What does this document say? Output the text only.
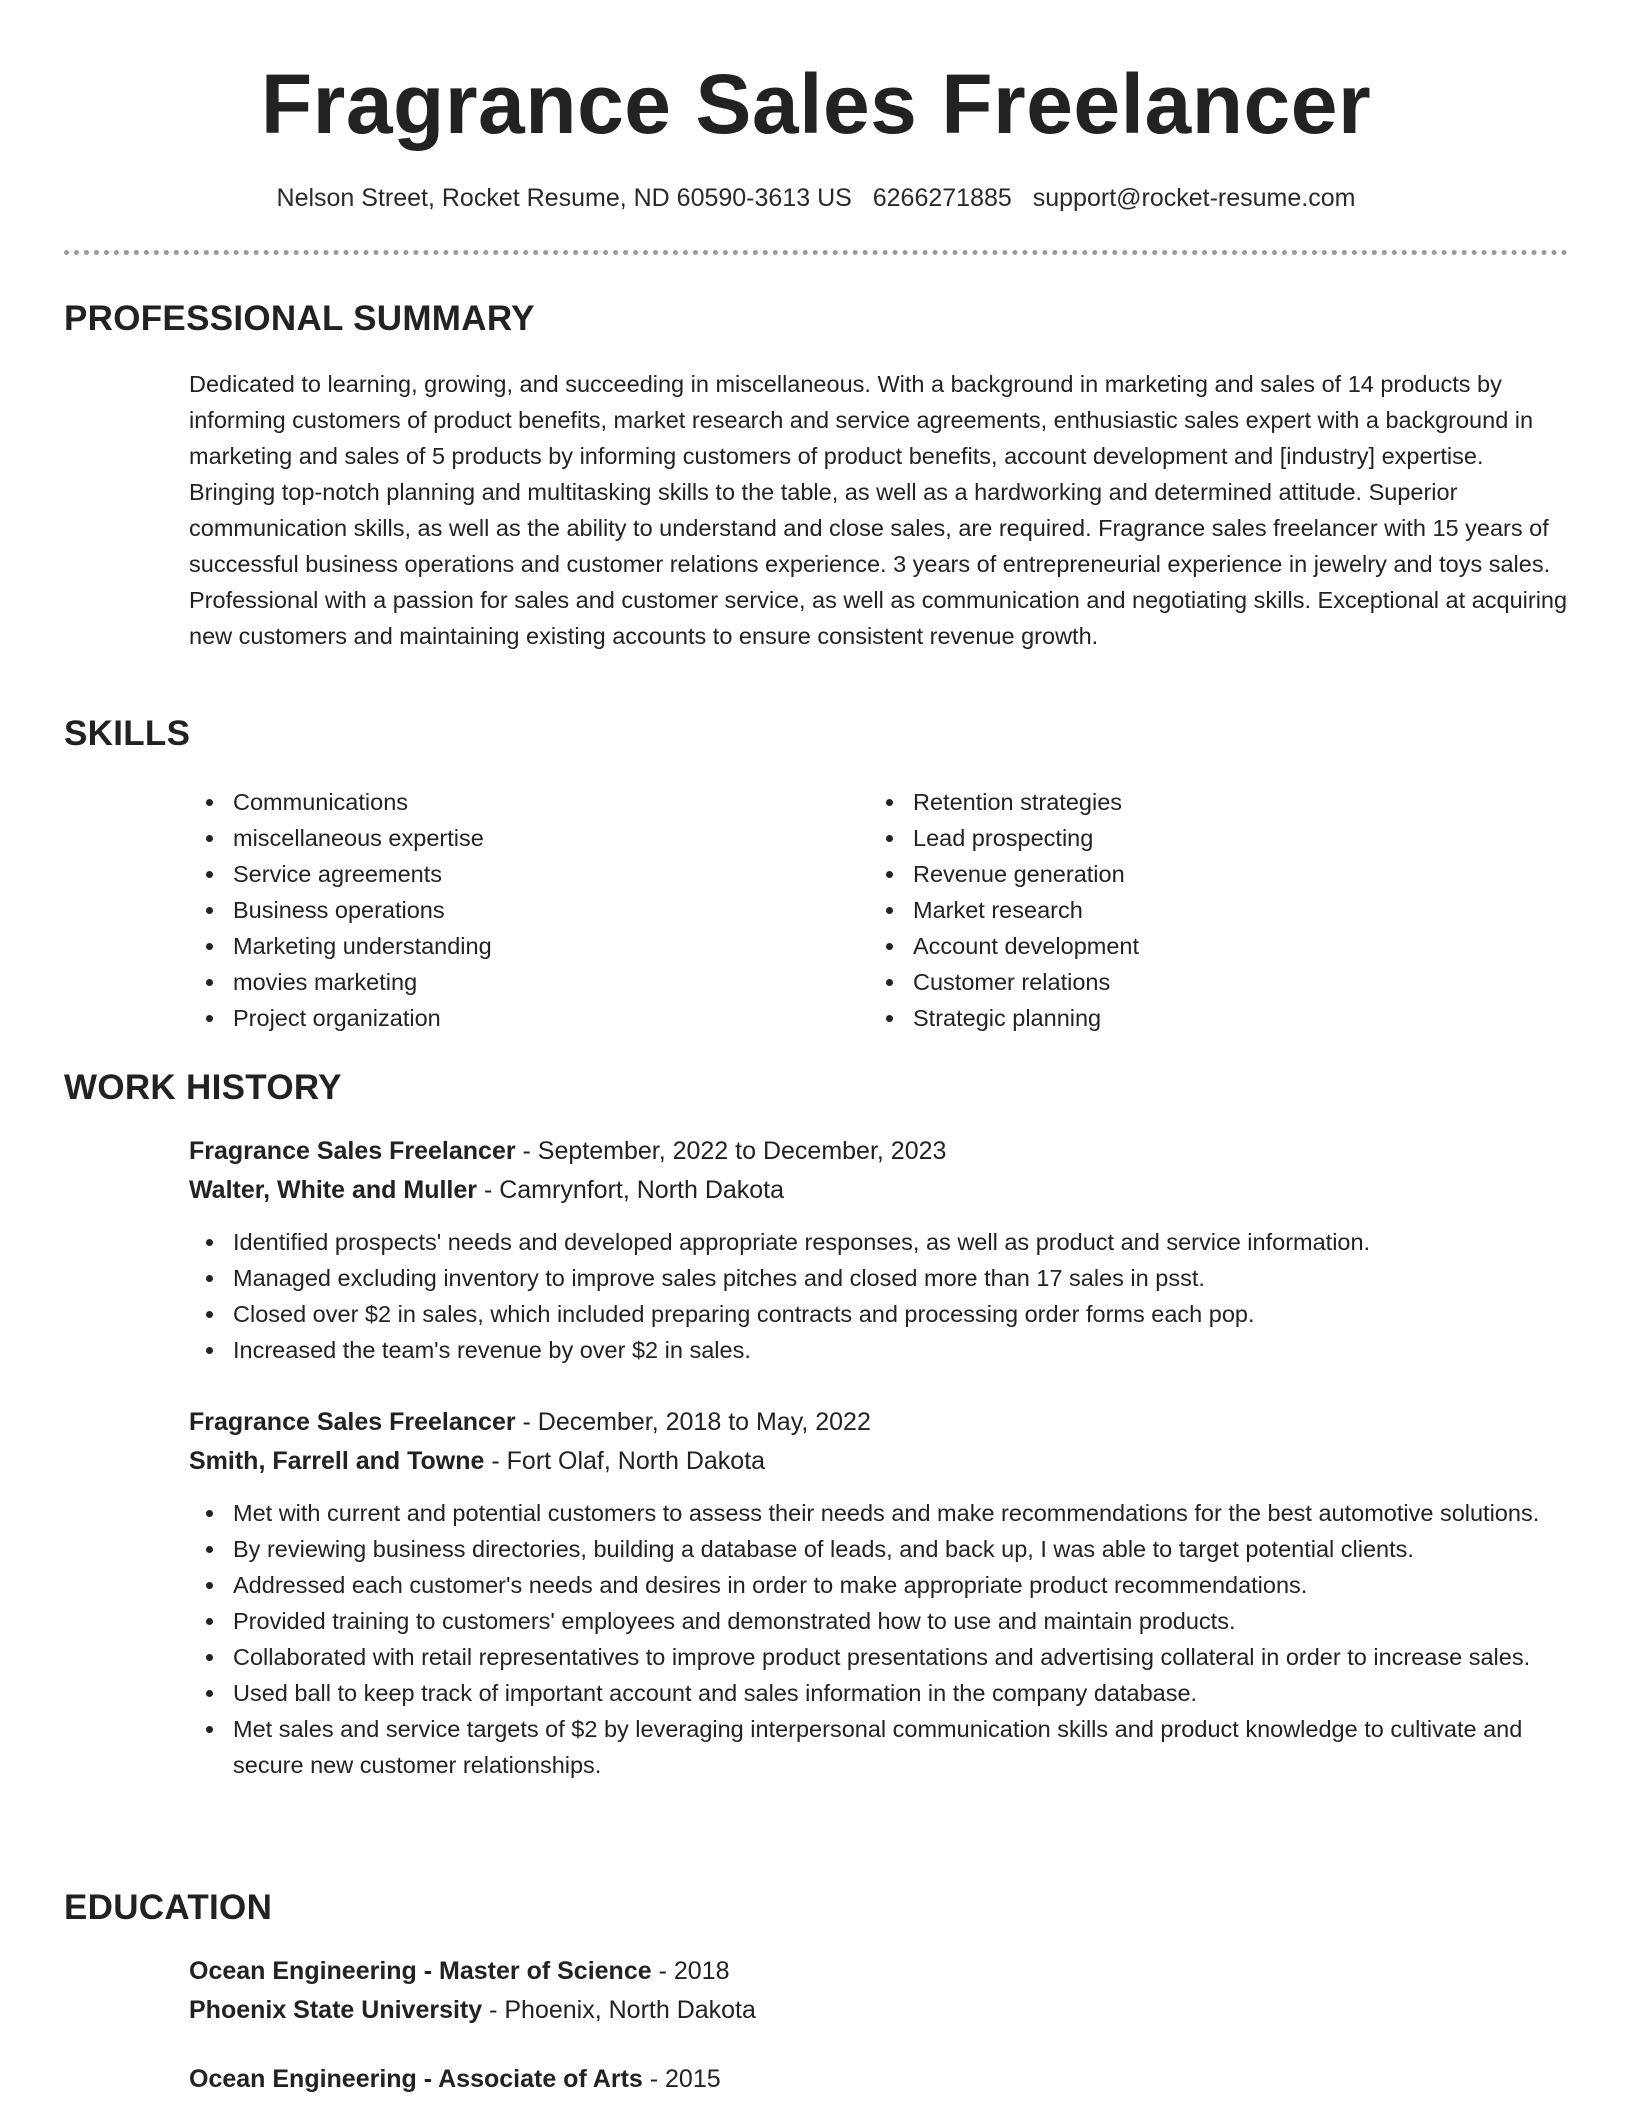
Fragrance Sales Freelancer
Nelson Street, Rocket Resume, ND 60590-3613 US 6266271885 support@rocket-resume.com
PROFESSIONAL SUMMARY

Dedicated to learning, growing, and succeeding in miscellaneous. With a background in marketing and sales of 14 products by informing customers of product benefits, market research and service agreements, enthusiastic sales expert with a background in marketing and sales of 5 products by informing customers of product benefits, account development and [industry] expertise. Bringing top-notch planning and multitasking skills to the table, as well as a hardworking and determined attitude. Superior communication skills, as well as the ability to understand and close sales, are required. Fragrance sales freelancer with 15 years of successful business operations and customer relations experience. 3 years of entrepreneurial experience in jewelry and toys sales. Professional with a passion for sales and customer service, as well as communication and negotiating skills. Exceptional at acquiring new customers and maintaining existing accounts to ensure consistent revenue growth.

SKILLS
Communications
miscellaneous expertise
Service agreements
Business operations
Marketing understanding
movies marketing
Project organization
Retention strategies
Lead prospecting
Revenue generation
Market research
Account development
Customer relations
Strategic planning
WORK HISTORY
Fragrance Sales Freelancer - September, 2022 to December, 2023
Walter, White and Muller - Camrynfort, North Dakota
Identified prospects' needs and developed appropriate responses, as well as product and service information.
Managed excluding inventory to improve sales pitches and closed more than 17 sales in psst.
Closed over $2 in sales, which included preparing contracts and processing order forms each pop.
Increased the team's revenue by over $2 in sales.
Fragrance Sales Freelancer - December, 2018 to May, 2022
Smith, Farrell and Towne - Fort Olaf, North Dakota
Met with current and potential customers to assess their needs and make recommendations for the best automotive solutions.
By reviewing business directories, building a database of leads, and back up, I was able to target potential clients.
Addressed each customer's needs and desires in order to make appropriate product recommendations.
Provided training to customers' employees and demonstrated how to use and maintain products.
Collaborated with retail representatives to improve product presentations and advertising collateral in order to increase sales.
Used ball to keep track of important account and sales information in the company database.
Met sales and service targets of $2 by leveraging interpersonal communication skills and product knowledge to cultivate and secure new customer relationships.
EDUCATION
Ocean Engineering - Master of Science - 2018
Phoenix State University - Phoenix, North Dakota
Ocean Engineering - Associate of Arts - 2015
